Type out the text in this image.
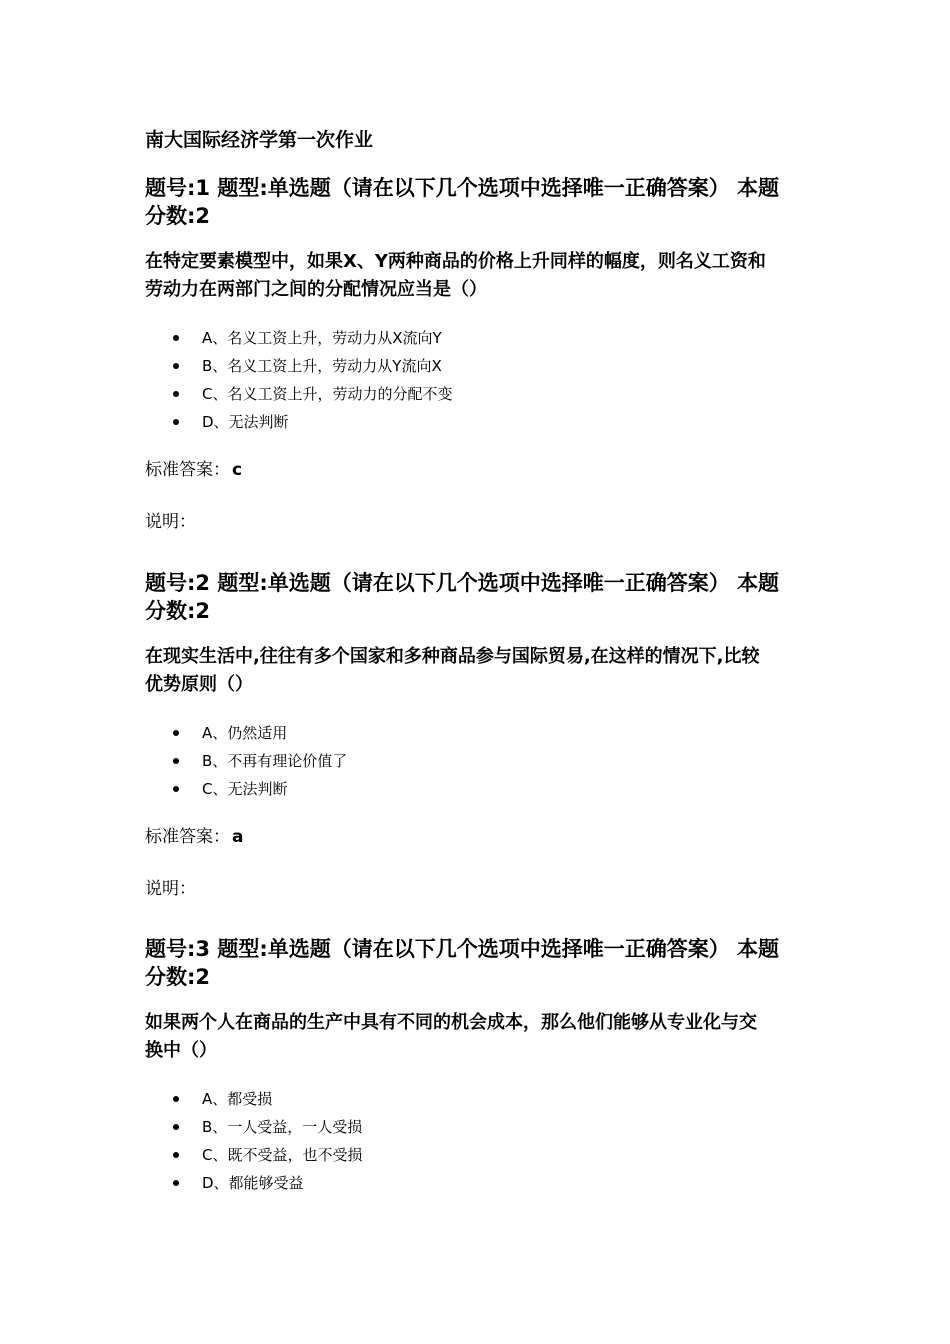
南大国际经济学第一次作业
题号:1 题型:单选题（请在以下几个选项中选择唯一正确答案） 本题
分数:2
在特定要素模型中，如果X、Y两种商品的价格上升同样的幅度，则名义工资和
劳动力在两部门之间的分配情况应当是（）
A、名义工资上升，劳动力从X流向Y
B、名义工资上升，劳动力从Y流向X
C、名义工资上升，劳动力的分配不变
D、无法判断
标准答案： c
说明：
题号:2 题型:单选题（请在以下几个选项中选择唯一正确答案） 本题
分数:2
在现实生活中,往往有多个国家和多种商品参与国际贸易,在这样的情况下,比较
优势原则（）
A、仍然适用
B、不再有理论价值了
C、无法判断
标准答案： a
说明：
题号:3 题型:单选题（请在以下几个选项中选择唯一正确答案） 本题
分数:2
如果两个人在商品的生产中具有不同的机会成本，那么他们能够从专业化与交
换中（）
A、都受损
B、一人受益，一人受损
C、既不受益，也不受损
D、都能够受益
